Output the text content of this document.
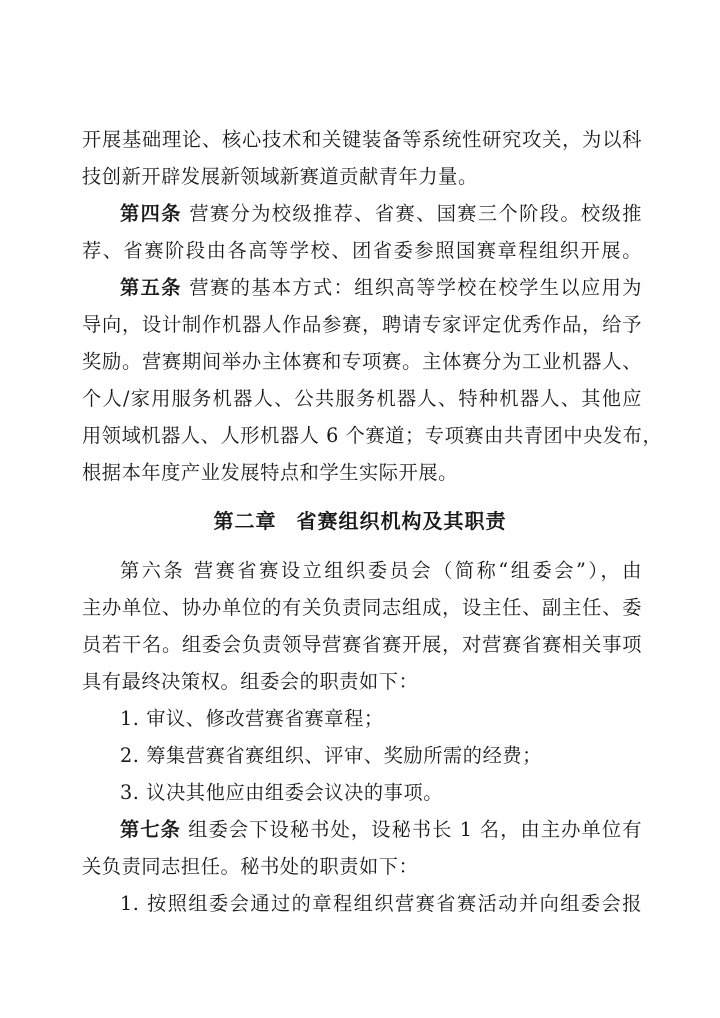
开展基础理论、核心技术和关键装备等系统性研究攻关，为以科
技创新开辟发展新领域新赛道贡献青年力量。
第四条 营赛分为校级推荐、省赛、国赛三个阶段。校级推
荐、省赛阶段由各高等学校、团省委参照国赛章程组织开展。
第五条 营赛的基本方式：组织高等学校在校学生以应用为
导向，设计制作机器人作品参赛，聘请专家评定优秀作品，给予
奖励。营赛期间举办主体赛和专项赛。主体赛分为工业机器人、
个人/家用服务机器人、公共服务机器人、特种机器人、其他应
用领域机器人、人形机器人 6 个赛道；专项赛由共青团中央发布，
根据本年度产业发展特点和学生实际开展。
第二章 省赛组织机构及其职责
第六条 营赛省赛设立组织委员会（简称“组委会”），由
主办单位、协办单位的有关负责同志组成，设主任、副主任、委
员若干名。组委会负责领导营赛省赛开展，对营赛省赛相关事项
具有最终决策权。组委会的职责如下：
1. 审议、修改营赛省赛章程；
2. 筹集营赛省赛组织、评审、奖励所需的经费；
3. 议决其他应由组委会议决的事项。
第七条 组委会下设秘书处，设秘书长 1 名，由主办单位有
关负责同志担任。秘书处的职责如下：
1. 按照组委会通过的章程组织营赛省赛活动并向组委会报
